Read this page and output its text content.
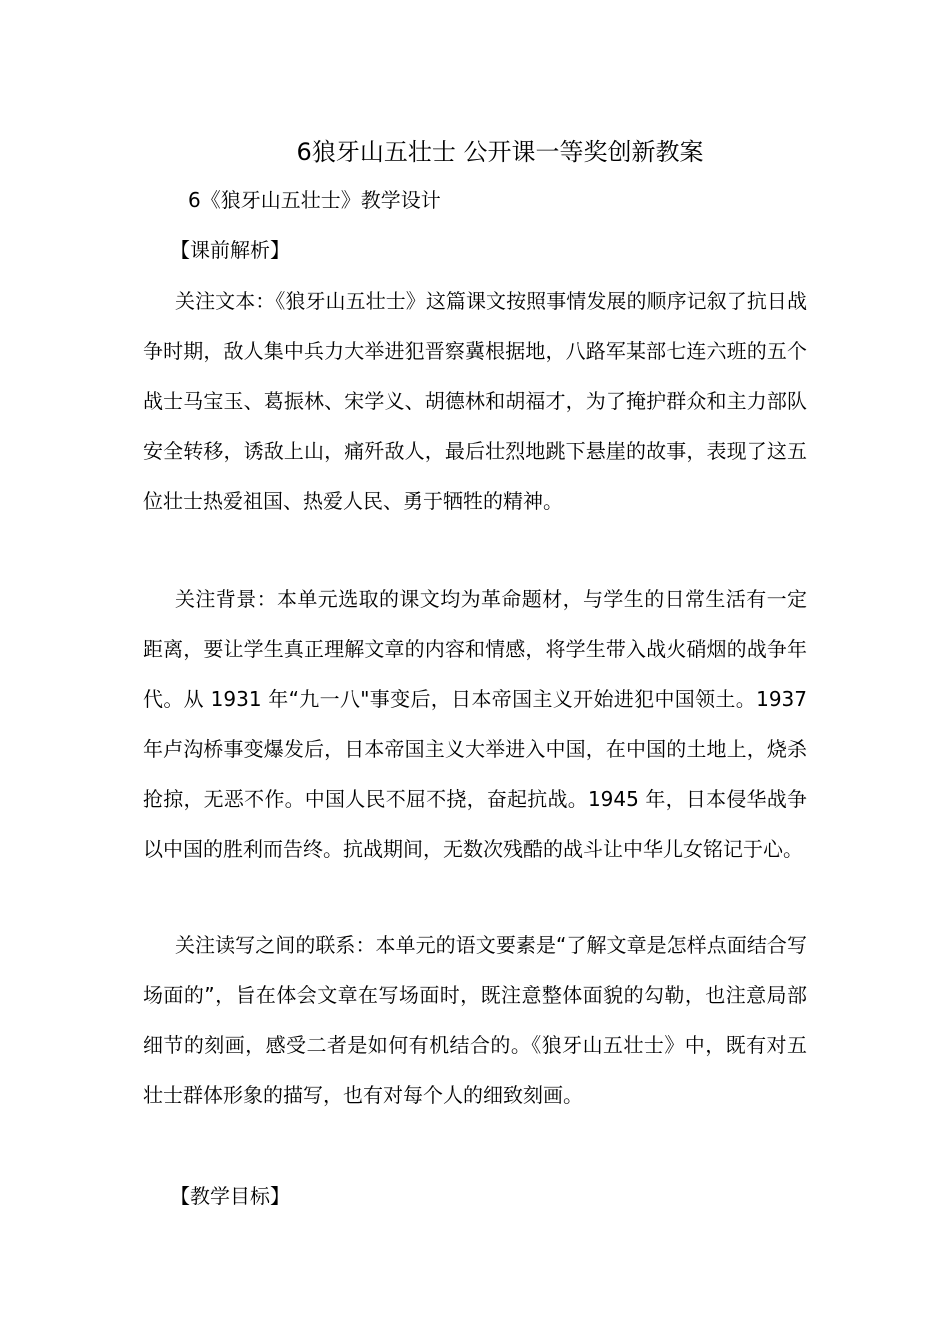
6狼牙山五壮士 公开课一等奖创新教案

6《狼牙山五壮士》教学设计

【课前解析】

关注文本：《狼牙山五壮士》这篇课文按照事情发展的顺序记叙了抗日战争时期，敌人集中兵力大举进犯晋察冀根据地，八路军某部七连六班的五个战士马宝玉、葛振林、宋学义、胡德林和胡福才，为了掩护群众和主力部队安全转移，诱敌上山，痛歼敌人，最后壮烈地跳下悬崖的故事，表现了这五位壮士热爱祖国、热爱人民、勇于牺牲的精神。

关注背景：本单元选取的课文均为革命题材，与学生的日常生活有一定距离，要让学生真正理解文章的内容和情感，将学生带入战火硝烟的战争年代。从 1931 年“九一八"事变后，日本帝国主义开始进犯中国领土。1937 年卢沟桥事变爆发后，日本帝国主义大举进入中国，在中国的土地上，烧杀抢掠，无恶不作。中国人民不屈不挠，奋起抗战。1945 年，日本侵华战争以中国的胜利而告终。抗战期间，无数次残酷的战斗让中华儿女铭记于心。

关注读写之间的联系：本单元的语文要素是“了解文章是怎样点面结合写场面的”，旨在体会文章在写场面时，既注意整体面貌的勾勒，也注意局部细节的刻画，感受二者是如何有机结合的。《狼牙山五壮士》中，既有对五壮士群体形象的描写，也有对每个人的细致刻画。

【教学目标】
